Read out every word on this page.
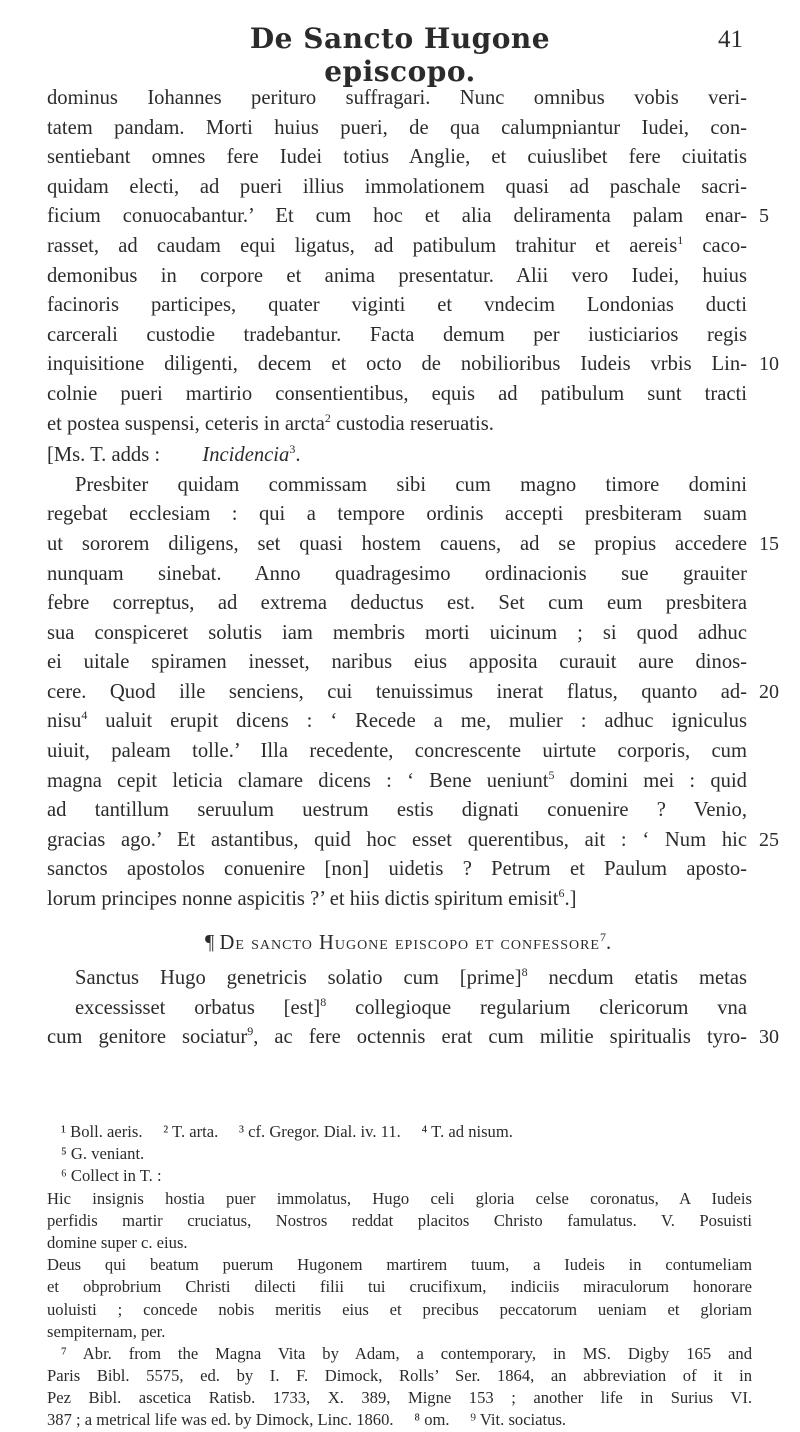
De Sancto Hugone episcopo.
41
dominus Iohannes perituro suffragari. Nunc omnibus vobis veri-
tatem pandam. Morti huius pueri, de qua calumpniantur Iudei, con-
sentiebant omnes fere Iudei totius Anglie, et cuiuslibet fere ciuitatis
quidam electi, ad pueri illius immolationem quasi ad paschale sacri-
ficium conuocabantur.’ Et cum hoc et alia deliramenta palam enar- 5
rasset, ad caudam equi ligatus, ad patibulum trahitur et aereis$^1$ caco-
demonibus in corpore et anima presentatur. Alii vero Iudei, huius
facinoris participes, quater viginti et vndecim Londonias ducti
carcerali custodie tradebantur. Facta demum per iusticiarios regis
inquisitione diligenti, decem et octo de nobilioribus Iudeis vrbis Lin- 10
colnie pueri martirio consentientibus, equis ad patibulum sunt tracti
et postea suspensi, ceteris in arcta$^2$ custodia reseruatis.
[Ms. T. adds : Incidencia$^3$.
Presbiter quidam commissam sibi cum magno timore domini
regebat ecclesiam : qui a tempore ordinis accepti presbiteram suam
ut sororem diligens, set quasi hostem cauens, ad se propius accedere 15
nunquam sinebat. Anno quadragesimo ordinacionis sue grauiter
febre correptus, ad extrema deductus est. Set cum eum presbitera
sua conspiceret solutis iam membris morti uicinum ; si quod adhuc
ei uitale spiramen inesset, naribus eius apposita curauit aure dinos-
cere. Quod ille senciens, cui tenuissimus inerat flatus, quanto ad- 20
nisu$^4$ ualuit erupit dicens : ‘ Recede a me, mulier : adhuc igniculus
uiuit, paleam tolle.’ Illa recedente, concrescente uirtute corporis, cum
magna cepit leticia clamare dicens : ‘ Bene ueniunt$^5$ domini mei : quid
ad tantillum seruulum uestrum estis dignati conuenire ? Venio,
gracias ago.’ Et astantibus, quid hoc esset querentibus, ait : ‘ Num hic 25
sanctos apostolos conuenire [non] uidetis ? Petrum et Paulum aposto-
lorum principes nonne aspicitis ?’ et hiis dictis spiritum emisit$^6$.]
¶ De sancto Hugone episcopo et confessore$^7$.
Sanctus Hugo genetricis solatio cum [prime]$^8$ necdum etatis metas
excessisset orbatus [est]$^8$ collegioque regularium clericorum vna
cum genitore sociatur$^9$, ac fere octennis erat cum militie spiritualis tyro- 30
¹ Boll. aeris.     ² T. arta.     ³ cf. Gregor. Dial. iv. 11.     ⁴ T. ad nisum.
⁵ G. veniant.
⁶ Collect in T. :
Hic insignis hostia puer immolatus, Hugo celi gloria celse coronatus, A Iudeis
perfidis martir cruciatus, Nostros reddat placitos Christo famulatus. V. Posuisti
domine super c. eius.
Deus qui beatum puerum Hugonem martirem tuum, a Iudeis in contumeliam
et obprobrium Christi dilecti filii tui crucifixum, indiciis miraculorum honorare
uoluisti ; concede nobis meritis eius et precibus peccatorum ueniam et gloriam
sempiternam, per.
⁷ Abr. from the Magna Vita by Adam, a contemporary, in MS. Digby 165 and
Paris Bibl. 5575, ed. by I. F. Dimock, Rolls’ Ser. 1864, an abbreviation of it in
Pez Bibl. ascetica Ratisb. 1733, X. 389, Migne 153 ; another life in Surius VI.
387 ; a metrical life was ed. by Dimock, Linc. 1860.     ⁸ om.     ⁹ Vit. sociatus.
